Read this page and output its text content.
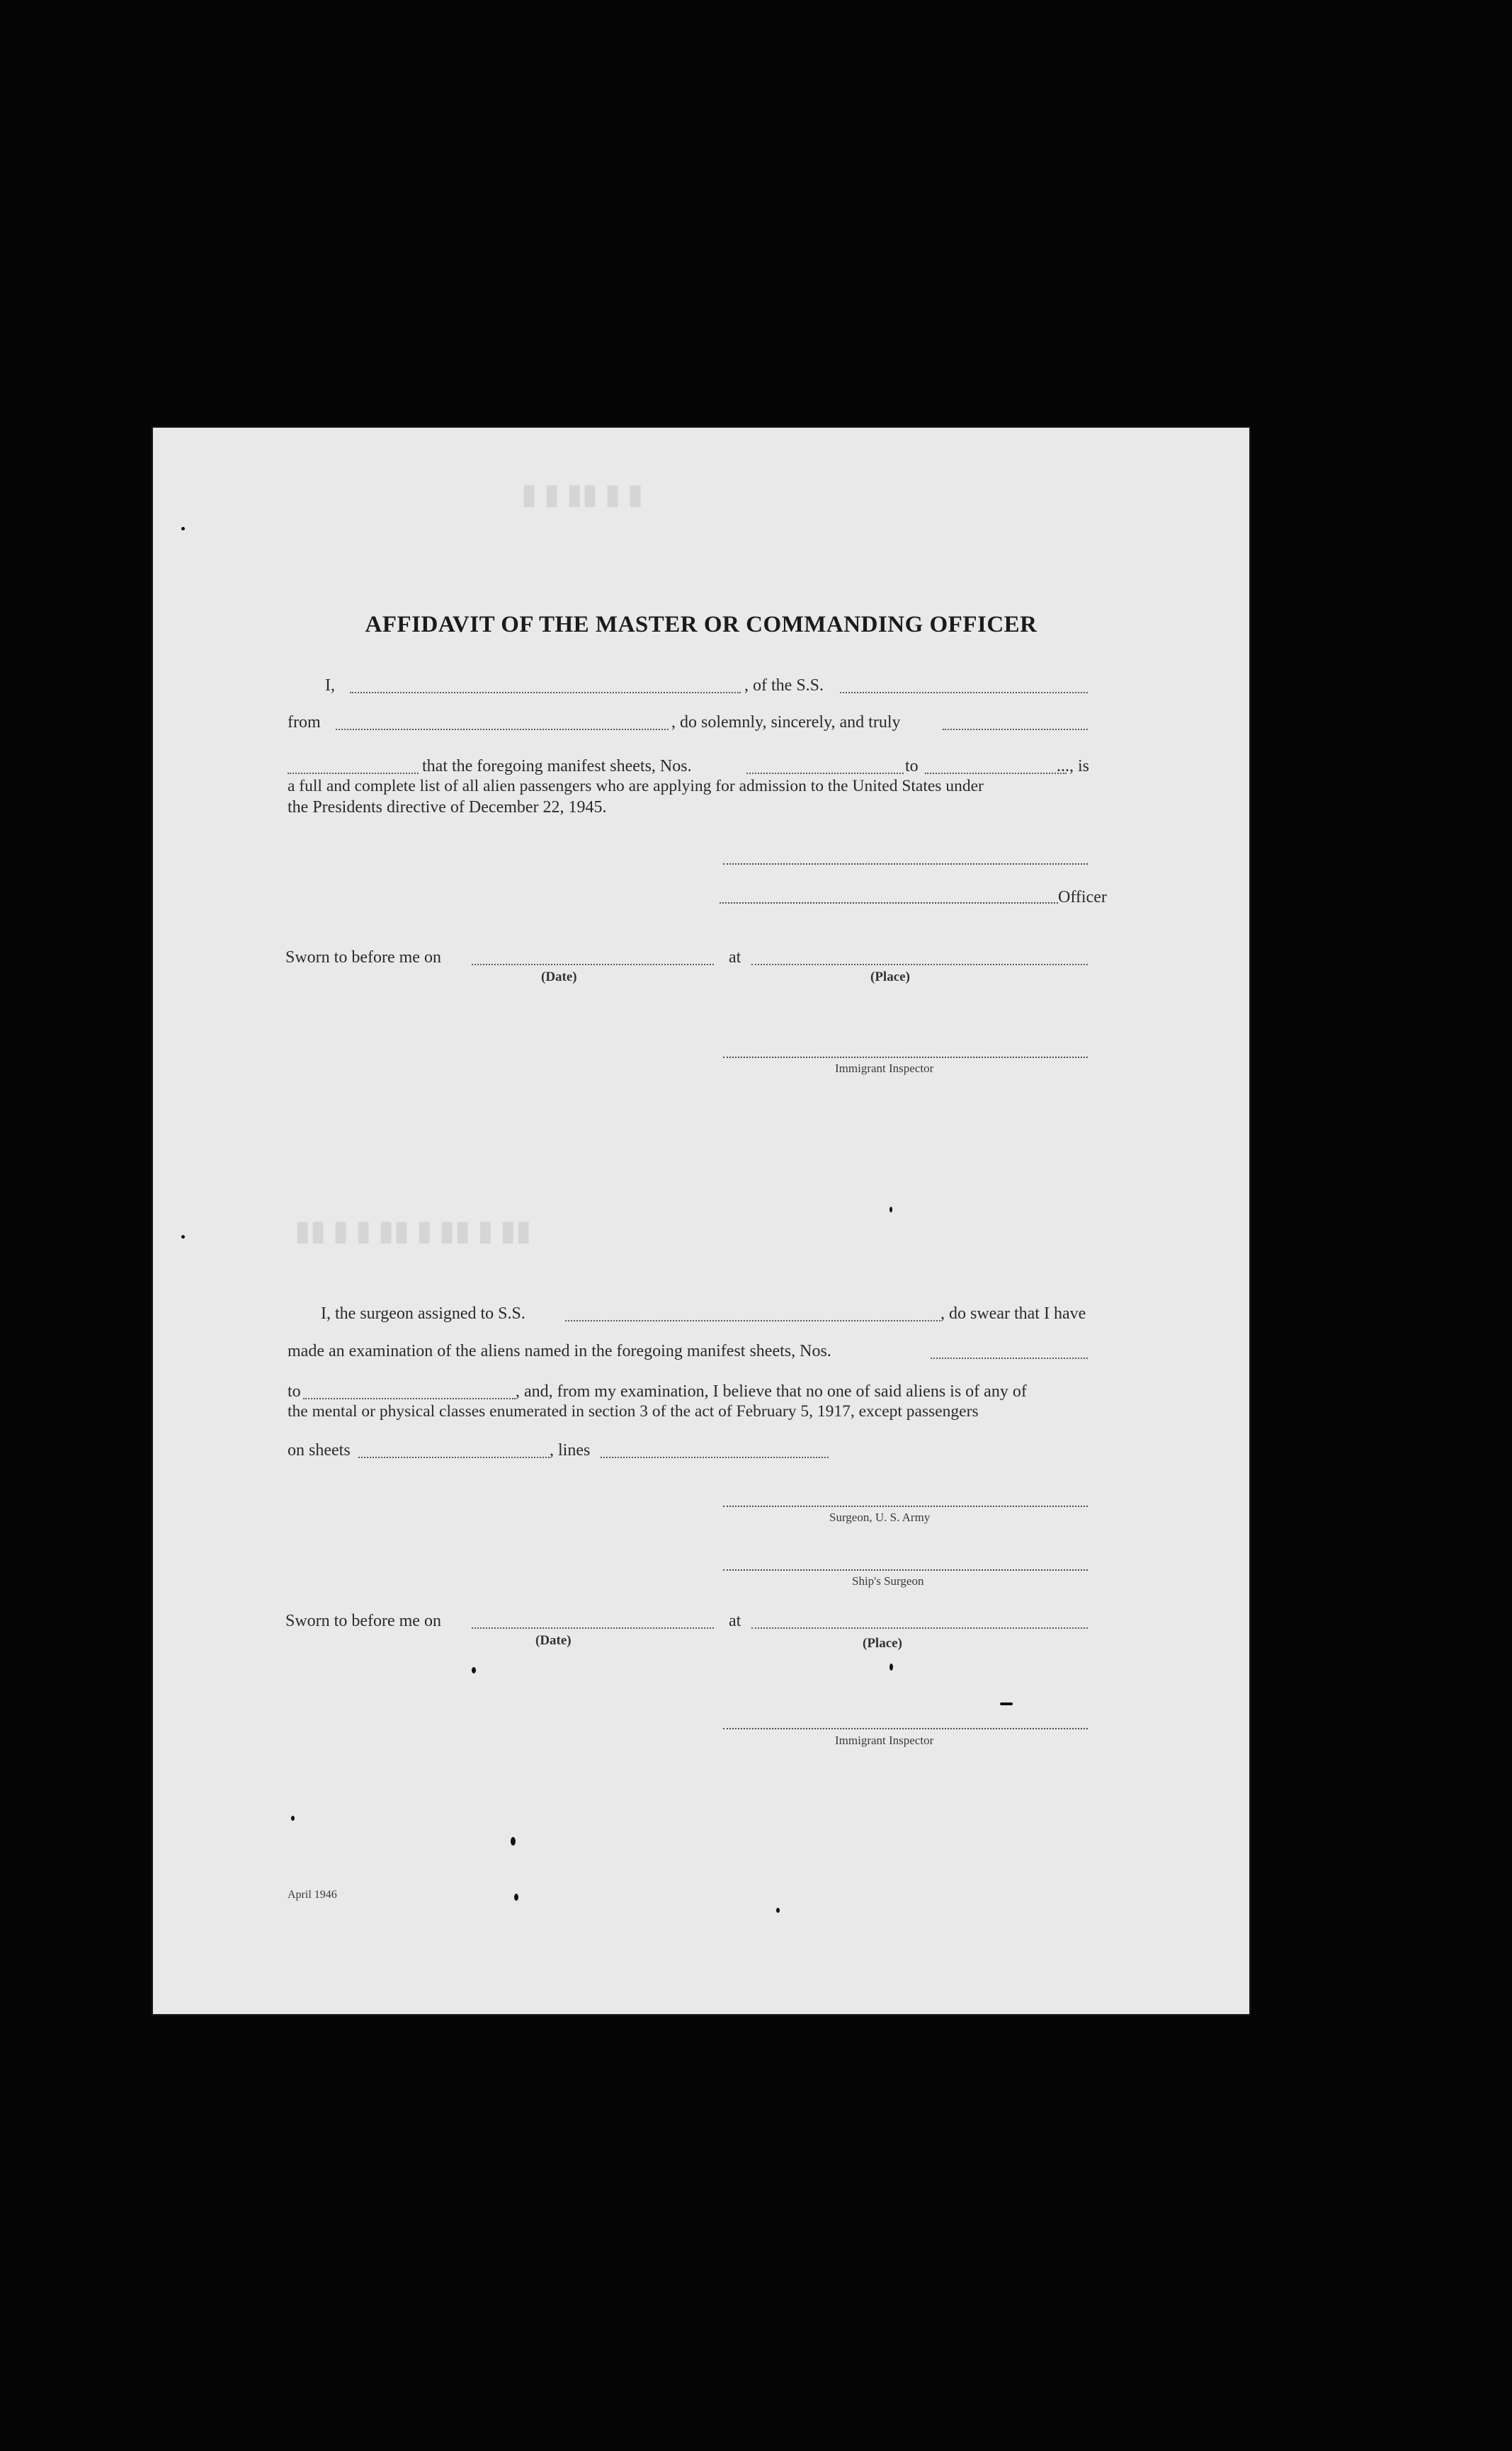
▮ ▮ ▮▮ ▮ ▮
▮▮ ▮ ▮ ▮▮ ▮ ▮▮ ▮ ▮▮
AFFIDAVIT OF THE MASTER OR COMMANDING OFFICER
I,	, of the S.S.
from	, do solemnly, sincerely, and truly
that the foregoing manifest sheets, Nos.	to	..., is
a full and complete list of all alien passengers who are applying for admission to the United States under
the Presidents directive of December 22, 1945.
Officer
Sworn to before me on	at
(Date)	(Place)
Immigrant Inspector
I, the surgeon assigned to S.S.	, do swear that I have
made an examination of the aliens named in the foregoing manifest sheets, Nos.
to	, and, from my examination, I believe that no one of said aliens is of any of
the mental or physical classes enumerated in section 3 of the act of February 5, 1917, except passengers
on sheets	, lines
Surgeon, U. S. Army
Ship's Surgeon
Sworn to before me on	at
(Date)	(Place)
Immigrant Inspector
April 1946
